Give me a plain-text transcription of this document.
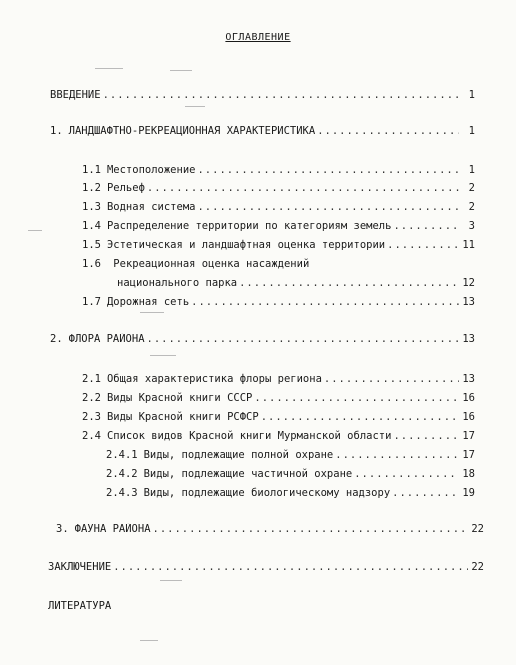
ОГЛАВЛЕНИЕ
ВВЕДЕНИЕ .....	1
1. ЛАНДШАФТНО-РЕКРЕАЦИОННАЯ ХАРАКТЕРИСТИКА .....	1
1.1 Местоположение .....	1
1.2 Рельеф .....	2
1.3 Водная система .....	2
1.4 Распределение территории по категориям земель .....	3
1.5 Эстетическая и ландшафтная оценка территории .....	11
1.6 Рекреационная оценка насаждений
национального парка .....	12
1.7 Дорожная сеть .....	13
2. ФЛОРА РАЙОНА .....	13
2.1 Общая характеристика флоры региона .....	13
2.2 Виды Красной книги СССР .....	16
2.3 Виды Красной книги РСФСР .....	16
2.4 Список видов Красной книги Мурманской области .....	17
2.4.1 Виды, подлежащие полной охране .....	17
2.4.2 Виды, подлежащие частичной охране .....	18
2.4.3 Виды, подлежащие биологическому надзору .....	19
3. ФАУНА РАЙОНА .....	22
ЗАКЛЮЧЕНИЕ .....	22
ЛИТЕРАТУРА
